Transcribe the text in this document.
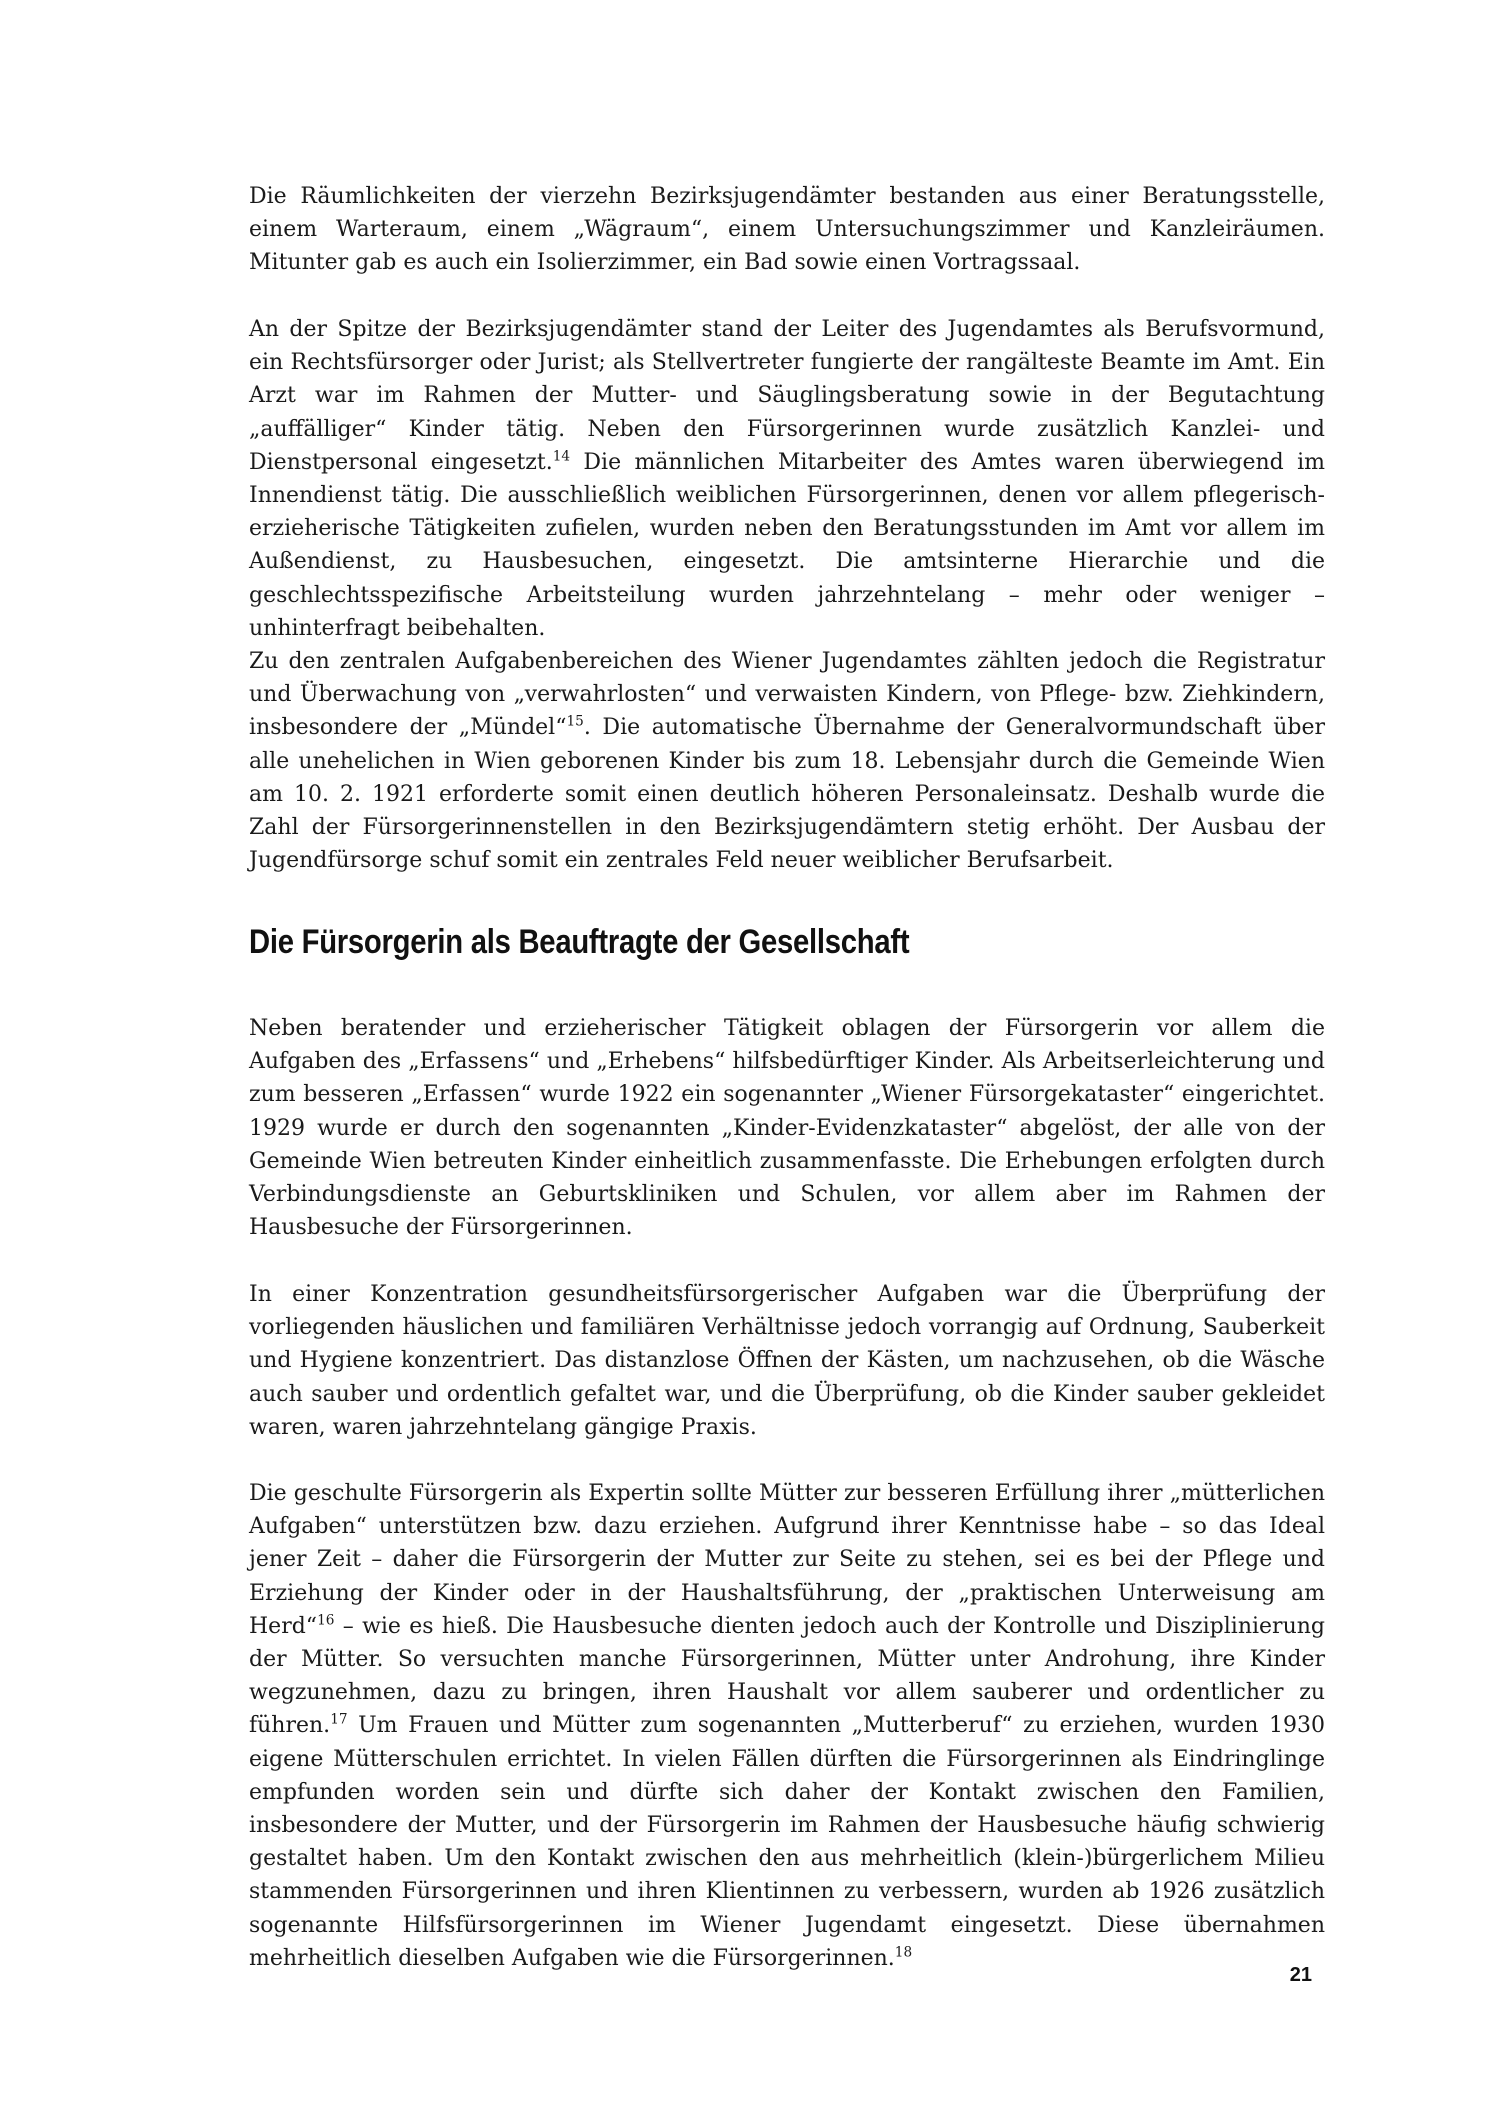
Die Räumlichkeiten der vierzehn Bezirksjugendämter bestanden aus einer Beratungsstelle, einem Warteraum, einem „Wägraum“, einem Untersuchungszimmer und Kanzleiräumen. Mitunter gab es auch ein Isolierzimmer, ein Bad sowie einen Vortragssaal.

An der Spitze der Bezirksjugendämter stand der Leiter des Jugendamtes als Berufsvormund, ein Rechtsfürsorger oder Jurist; als Stellvertreter fungierte der rangälteste Beamte im Amt. Ein Arzt war im Rahmen der Mutter- und Säuglingsberatung sowie in der Begutachtung „auffälliger“ Kinder tätig. Neben den Fürsorgerinnen wurde zusätzlich Kanzlei- und Dienstpersonal eingesetzt.$^{14}$ Die männlichen Mitarbeiter des Amtes waren überwiegend im Innendienst tätig. Die ausschließlich weiblichen Fürsorgerinnen, denen vor allem pflegerisch-erzieherische Tätigkeiten zufielen, wurden neben den Beratungsstunden im Amt vor allem im Außendienst, zu Hausbesuchen, eingesetzt. Die amtsinterne Hierarchie und die geschlechtsspezifische Arbeitsteilung wurden jahrzehntelang – mehr oder weniger – unhinterfragt beibehalten.

Zu den zentralen Aufgabenbereichen des Wiener Jugendamtes zählten jedoch die Registratur und Überwachung von „verwahrlosten“ und verwaisten Kindern, von Pflege- bzw. Ziehkindern, insbesondere der „Mündel“$^{15}$. Die automatische Übernahme der Generalvormundschaft über alle unehelichen in Wien geborenen Kinder bis zum 18. Lebensjahr durch die Gemeinde Wien am 10. 2. 1921 erforderte somit einen deutlich höheren Personaleinsatz. Deshalb wurde die Zahl der Fürsorgerinnenstellen in den Bezirksjugendämtern stetig erhöht. Der Ausbau der Jugendfürsorge schuf somit ein zentrales Feld neuer weiblicher Berufsarbeit.

Die Fürsorgerin als Beauftragte der Gesellschaft

Neben beratender und erzieherischer Tätigkeit oblagen der Fürsorgerin vor allem die Aufgaben des „Erfassens“ und „Erhebens“ hilfsbedürftiger Kinder. Als Arbeitserleichterung und zum besseren „Erfassen“ wurde 1922 ein sogenannter „Wiener Fürsorgekataster“ eingerichtet. 1929 wurde er durch den sogenannten „Kinder-Evidenzkataster“ abgelöst, der alle von der Gemeinde Wien betreuten Kinder einheitlich zusammenfasste. Die Erhebungen erfolgten durch Verbindungsdienste an Geburtskliniken und Schulen, vor allem aber im Rahmen der Hausbesuche der Fürsorgerinnen.

In einer Konzentration gesundheitsfürsorgerischer Aufgaben war die Überprüfung der vorliegenden häuslichen und familiären Verhältnisse jedoch vorrangig auf Ordnung, Sauberkeit und Hygiene konzentriert. Das distanzlose Öffnen der Kästen, um nachzusehen, ob die Wäsche auch sauber und ordentlich gefaltet war, und die Überprüfung, ob die Kinder sauber gekleidet waren, waren jahrzehntelang gängige Praxis.

Die geschulte Fürsorgerin als Expertin sollte Mütter zur besseren Erfüllung ihrer „mütterlichen Aufgaben“ unterstützen bzw. dazu erziehen. Aufgrund ihrer Kenntnisse habe – so das Ideal jener Zeit – daher die Fürsorgerin der Mutter zur Seite zu stehen, sei es bei der Pflege und Erziehung der Kinder oder in der Haushaltsführung, der „praktischen Unterweisung am Herd“$^{16}$ – wie es hieß. Die Hausbesuche dienten jedoch auch der Kontrolle und Disziplinierung der Mütter. So versuchten manche Fürsorgerinnen, Mütter unter Androhung, ihre Kinder wegzunehmen, dazu zu bringen, ihren Haushalt vor allem sauberer und ordentlicher zu führen.$^{17}$ Um Frauen und Mütter zum sogenannten „Mutterberuf“ zu erziehen, wurden 1930 eigene Mütterschulen errichtet. In vielen Fällen dürften die Fürsorgerinnen als Eindringlinge empfunden worden sein und dürfte sich daher der Kontakt zwischen den Familien, insbesondere der Mutter, und der Fürsorgerin im Rahmen der Hausbesuche häufig schwierig gestaltet haben. Um den Kontakt zwischen den aus mehrheitlich (klein-)bürgerlichem Milieu stammenden Fürsorgerinnen und ihren Klientinnen zu verbessern, wurden ab 1926 zusätzlich sogenannte Hilfsfürsorgerinnen im Wiener Jugendamt eingesetzt. Diese übernahmen mehrheitlich dieselben Aufgaben wie die Fürsorgerinnen.$^{18}$

21
